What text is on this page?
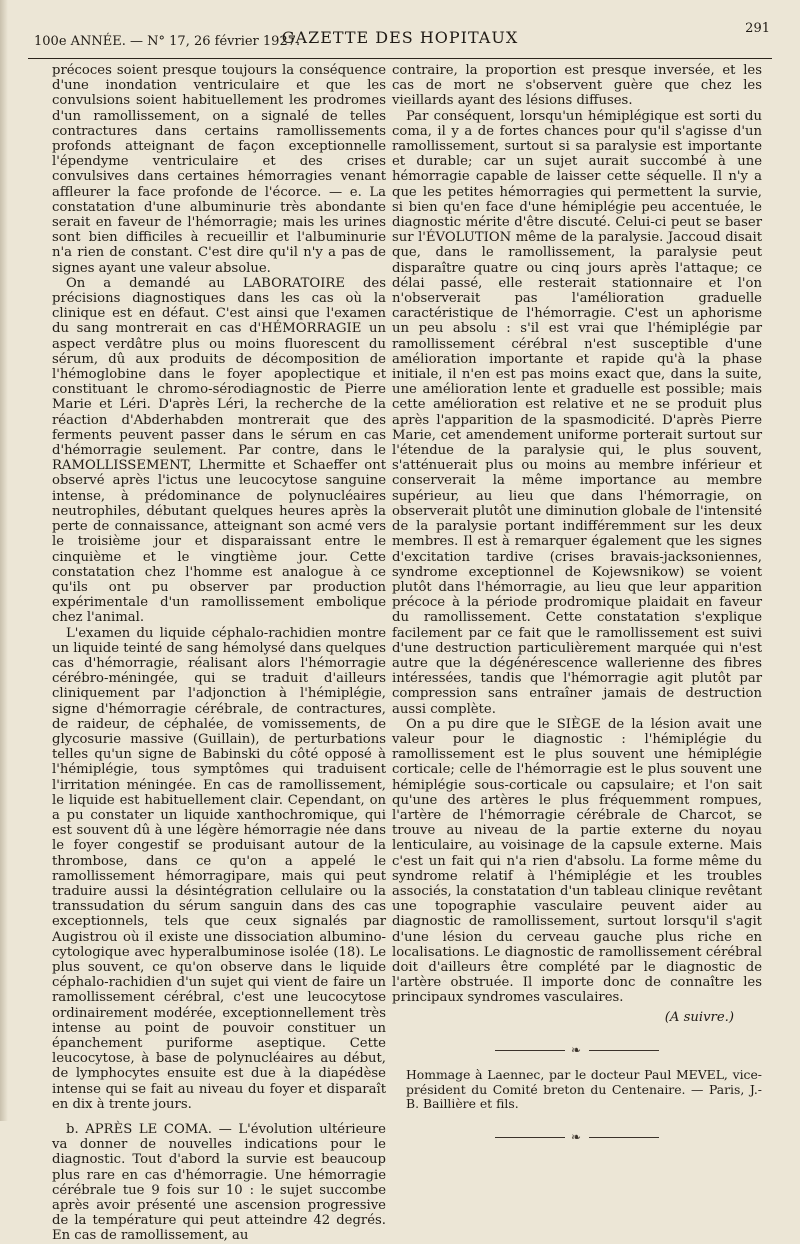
100e ANNÉE. — N° 17, 26 février 1927.
GAZETTE DES HOPITAUX	291

précoces soient presque toujours la conséquence d'une inondation ventriculaire et que les convulsions soient habituellement les prodromes d'un ramollissement, on a signalé de telles contractures dans certains ramollissements profonds atteignant de façon exceptionnelle l'épendyme ventriculaire et des crises convulsives dans certaines hémorragies venant affleurer la face profonde de l'écorce. — e. La constatation d'une albuminurie très abondante serait en faveur de l'hémorragie; mais les urines sont bien difficiles à recueillir et l'albuminurie n'a rien de constant. C'est dire qu'il n'y a pas de signes ayant une valeur absolue.

On a demandé au LABORATOIRE des précisions diagnostiques dans les cas où la clinique est en défaut. C'est ainsi que l'examen du sang montrerait en cas d'HÉMORRAGIE un aspect verdâtre plus ou moins fluorescent du sérum, dû aux produits de décomposition de l'hémoglobine dans le foyer apoplectique et constituant le chromo-sérodiagnostic de Pierre Marie et Léri. D'après Léri, la recherche de la réaction d'Abderhabden montrerait que des ferments peuvent passer dans le sérum en cas d'hémorragie seulement. Par contre, dans le RAMOLLISSEMENT, Lhermitte et Schaeffer ont observé après l'ictus une leucocytose sanguine intense, à prédominance de polynucléaires neutrophiles, débutant quelques heures après la perte de connaissance, atteignant son acmé vers le troisième jour et disparaissant entre le cinquième et le vingtième jour. Cette constatation chez l'homme est analogue à ce qu'ils ont pu observer par production expérimentale d'un ramollissement embolique chez l'animal.

L'examen du liquide céphalo-rachidien montre un liquide teinté de sang hémolysé dans quelques cas d'hémorragie, réalisant alors l'hémorragie cérébro-méningée, qui se traduit d'ailleurs cliniquement par l'adjonction à l'hémiplégie, signe d'hémorragie cérébrale, de contractures, de raideur, de céphalée, de vomissements, de glycosurie massive (Guillain), de perturbations telles qu'un signe de Babinski du côté opposé à l'hémiplégie, tous symptômes qui traduisent l'irritation méningée. En cas de ramollissement, le liquide est habituellement clair. Cependant, on a pu constater un liquide xanthochromique, qui est souvent dû à une légère hémorragie née dans le foyer congestif se produisant autour de la thrombose, dans ce qu'on a appelé le ramollissement hémorragipare, mais qui peut traduire aussi la désintégration cellulaire ou la transsudation du sérum sanguin dans des cas exceptionnels, tels que ceux signalés par Augistrou où il existe une dissociation albumino-cytologique avec hyperalbuminose isolée (18). Le plus souvent, ce qu'on observe dans le liquide céphalo-rachidien d'un sujet qui vient de faire un ramollissement cérébral, c'est une leucocytose ordinairement modérée, exceptionnellement très intense au point de pouvoir constituer un épanchement puriforme aseptique. Cette leucocytose, à base de polynucléaires au début, de lymphocytes ensuite est due à la diapédèse intense qui se fait au niveau du foyer et disparaît en dix à trente jours.

b. APRÈS LE COMA. — L'évolution ultérieure va donner de nouvelles indications pour le diagnostic. Tout d'abord la survie est beaucoup plus rare en cas d'hémorragie. Une hémorragie cérébrale tue 9 fois sur 10 : le sujet succombe après avoir présenté une ascension progressive de la température qui peut atteindre 42 degrés. En cas de ramollissement, au

contraire, la proportion est presque inversée, et les cas de mort ne s'observent guère que chez les vieillards ayant des lésions diffuses.

Par conséquent, lorsqu'un hémiplégique est sorti du coma, il y a de fortes chances pour qu'il s'agisse d'un ramollissement, surtout si sa paralysie est importante et durable; car un sujet aurait succombé à une hémorragie capable de laisser cette séquelle. Il n'y a que les petites hémorragies qui permettent la survie, si bien qu'en face d'une hémiplégie peu accentuée, le diagnostic mérite d'être discuté. Celui-ci peut se baser sur l'ÉVOLUTION même de la paralysie. Jaccoud disait que, dans le ramollissement, la paralysie peut disparaître quatre ou cinq jours après l'attaque; ce délai passé, elle resterait stationnaire et l'on n'observerait pas l'amélioration graduelle caractéristique de l'hémorragie. C'est un aphorisme un peu absolu : s'il est vrai que l'hémiplégie par ramollissement cérébral n'est susceptible d'une amélioration importante et rapide qu'à la phase initiale, il n'en est pas moins exact que, dans la suite, une amélioration lente et graduelle est possible; mais cette amélioration est relative et ne se produit plus après l'apparition de la spasmodicité. D'après Pierre Marie, cet amendement uniforme porterait surtout sur l'étendue de la paralysie qui, le plus souvent, s'atténuerait plus ou moins au membre inférieur et conserverait la même importance au membre supérieur, au lieu que dans l'hémorragie, on observerait plutôt une diminution globale de l'intensité de la paralysie portant indifféremment sur les deux membres. Il est à remarquer également que les signes d'excitation tardive (crises bravais-jacksoniennes, syndrome exceptionnel de Kojewsnikow) se voient plutôt dans l'hémorragie, au lieu que leur apparition précoce à la période prodromique plaidait en faveur du ramollissement. Cette constatation s'explique facilement par ce fait que le ramollissement est suivi d'une destruction particulièrement marquée qui n'est autre que la dégénérescence wallerienne des fibres intéressées, tandis que l'hémorragie agit plutôt par compression sans entraîner jamais de destruction aussi complète.

On a pu dire que le SIÈGE de la lésion avait une valeur pour le diagnostic : l'hémiplégie du ramollissement est le plus souvent une hémiplégie corticale; celle de l'hémorragie est le plus souvent une hémiplégie sous-corticale ou capsulaire; et l'on sait qu'une des artères le plus fréquemment rompues, l'artère de l'hémorragie cérébrale de Charcot, se trouve au niveau de la partie externe du noyau lenticulaire, au voisinage de la capsule externe. Mais c'est un fait qui n'a rien d'absolu. La forme même du syndrome relatif à l'hémiplégie et les troubles associés, la constatation d'un tableau clinique revêtant une topographie vasculaire peuvent aider au diagnostic de ramollissement, surtout lorsqu'il s'agit d'une lésion du cerveau gauche plus riche en localisations. Le diagnostic de ramollissement cérébral doit d'ailleurs être complété par le diagnostic de l'artère obstruée. Il importe donc de connaître les principaux syndromes vasculaires.

(A suivre.)
❧

Hommage à Laennec, par le docteur Paul MEVEL, vice-président du Comité breton du Centenaire. — Paris, J.-B. Baillière et fils.

❧
